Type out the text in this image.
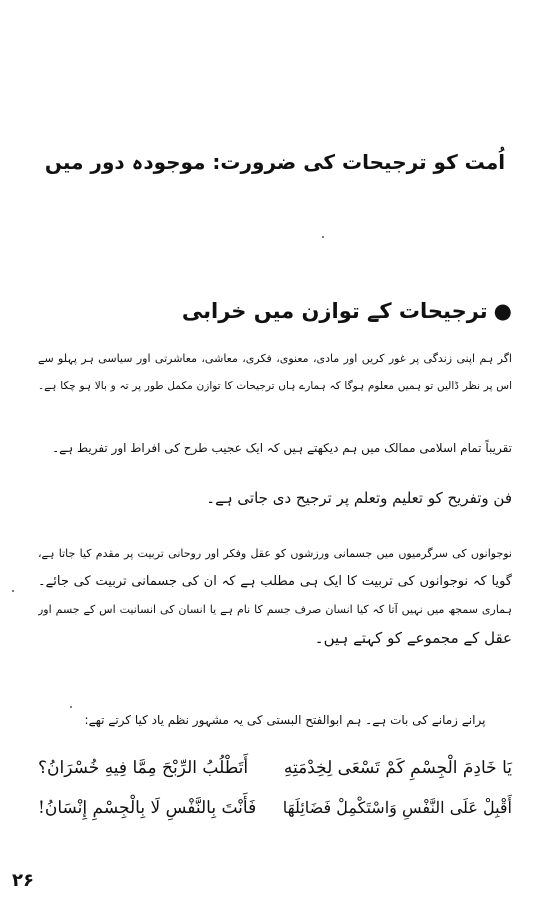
اُمت کو ترجیحات کی ضرورت: موجودہ دور میں
●ترجیحات کے توازن میں خرابی
اگر ہم اپنی زندگی پر غور کریں اور مادی، معنوی، فکری، معاشی، معاشرتی اور سیاسی ہر پہلو سے
اس پر نظر ڈالیں تو ہمیں معلوم ہوگا کہ ہمارے ہاں ترجیحات کا توازن مکمل طور پر تہ و بالا ہو چکا ہے۔
تقریباً تمام اسلامی ممالک میں ہم دیکھتے ہیں کہ ایک عجیب طرح کی افراط اور تفریط ہے۔
فن وتفریح کو تعلیم وتعلم پر ترجیح دی جاتی ہے۔
نوجوانوں کی سرگرمیوں میں جسمانی ورزشوں کو عقل وفکر اور روحانی تربیت پر مقدم کیا جاتا ہے،
گویا کہ نوجوانوں کی تربیت کا ایک ہی مطلب ہے کہ ان کی جسمانی تربیت کی جائے۔
ہماری سمجھ میں نہیں آتا کہ کیا انسان صرف جسم کا نام ہے یا انسان کی انسانیت اس کے جسم اور
عقل کے مجموعے کو کہتے ہیں۔
پرانے زمانے کی بات ہے۔ ہم ابوالفتح البستی کی یہ مشہور نظم یاد کیا کرتے تھے:
يَا خَادِمَ الْجِسْمِ كَمْ تَسْعَى لِخِدْمَتِهِ
أَتَطْلُبُ الرِّبْحَ مِمَّا فِيهِ خُسْرَانُ؟
أَقْبِلْ عَلَى النَّفْسِ وَاسْتَكْمِلْ فَضَائِلَهَا
فَأَنْتَ بِالنَّفْسِ لَا بِالْجِسْمِ إِنْسَانُ!
۲۶
